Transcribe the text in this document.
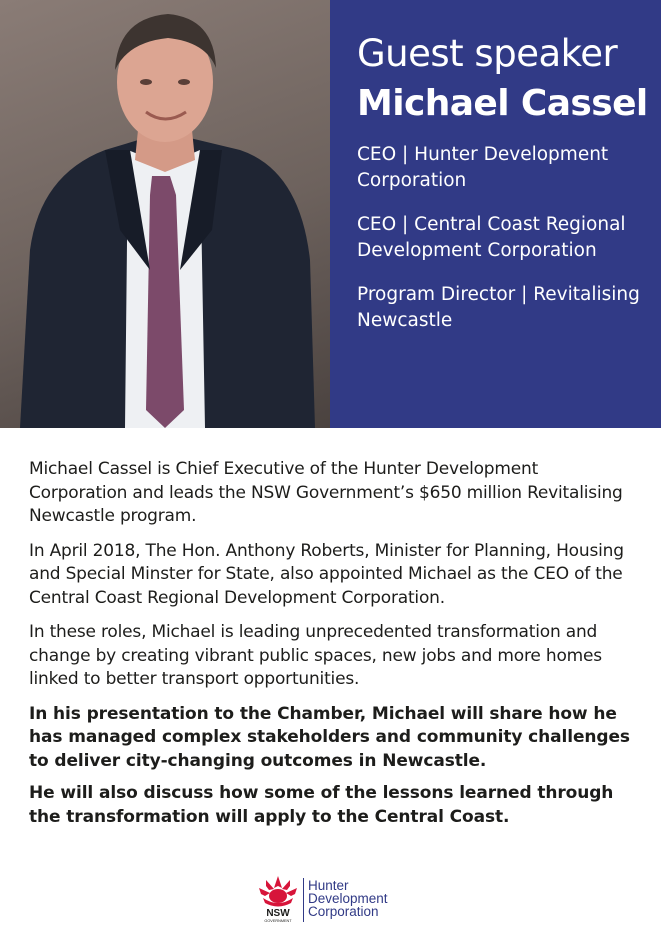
Guest speaker
Michael Cassel
CEO | Hunter Development Corporation
CEO | Central Coast Regional Development Corporation
Program Director | Revitalising Newcastle

Michael Cassel is Chief Executive of the Hunter Development Corporation and leads the NSW Government’s $650 million Revitalising Newcastle program.

In April 2018, The Hon. Anthony Roberts, Minister for Planning, Housing and Special Minster for State, also appointed Michael as the CEO of the Central Coast Regional Development Corporation.

In these roles, Michael is leading unprecedented transformation and change by creating vibrant public spaces, new jobs and more homes linked to better transport opportunities.

In his presentation to the Chamber, Michael will share how he has managed complex stakeholders and community challenges to deliver city-changing outcomes in Newcastle.

He will also discuss how some of the lessons learned through the transformation will apply to the Central Coast.

NSW
GOVERNMENT
Hunter
Development
Corporation
